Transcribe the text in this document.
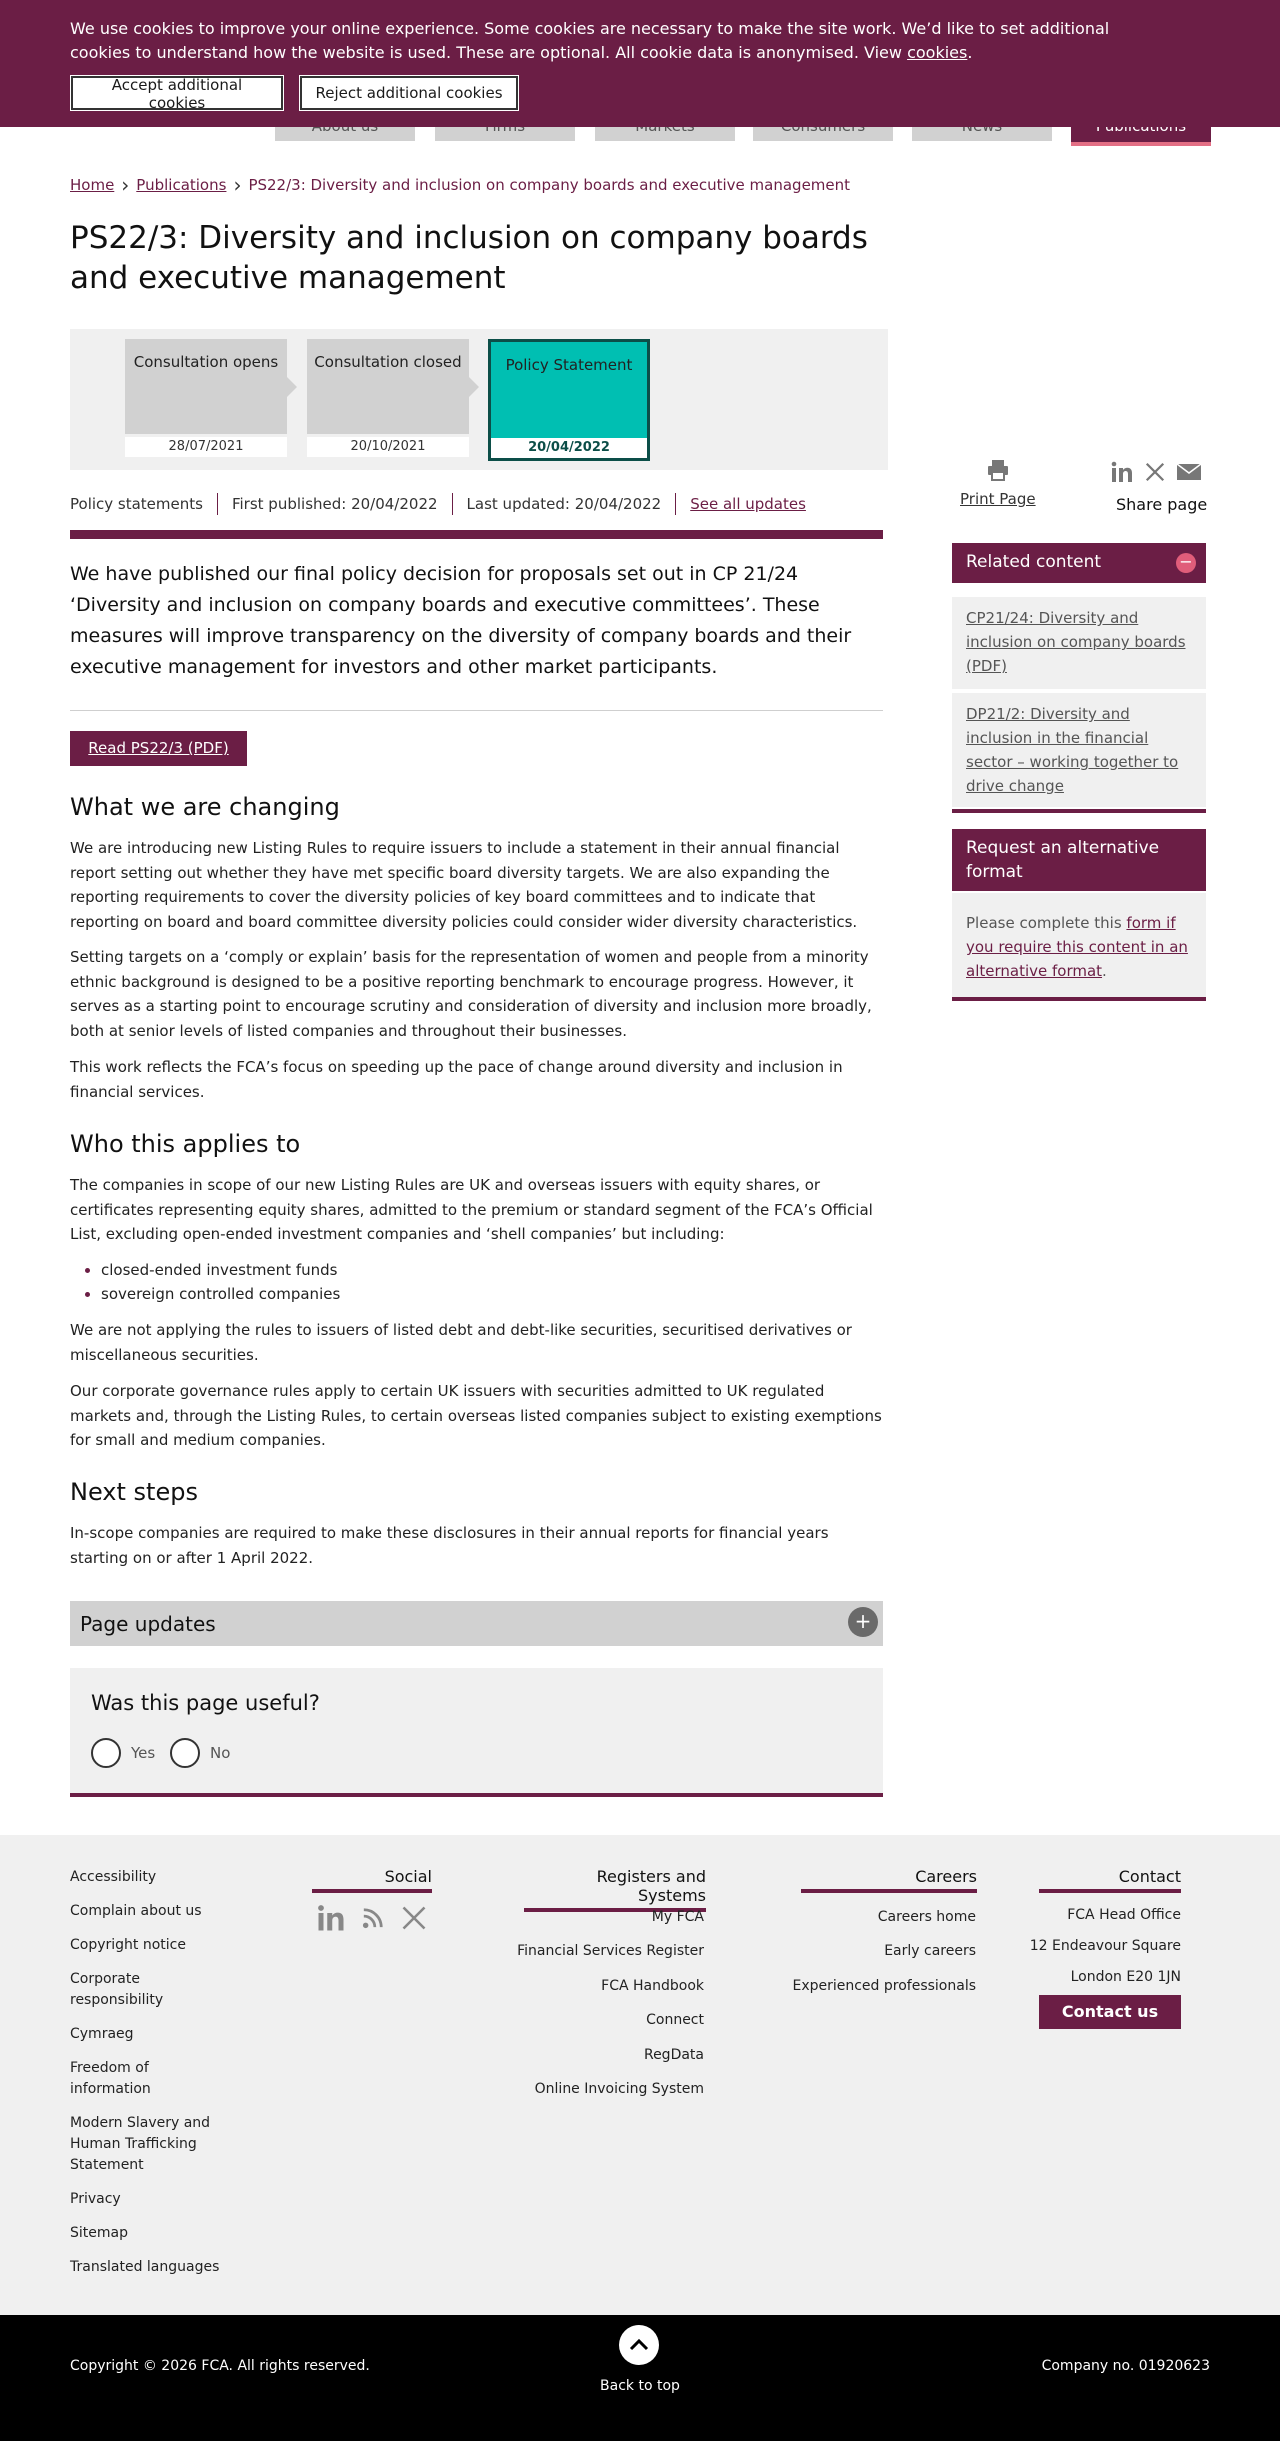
We use cookies to improve your online experience. Some cookies are necessary to make the site work. We’d like to set additional cookies to understand how the website is used. These are optional. All cookie data is anonymised. View cookies.
Accept additional cookies
Reject additional cookies
Home › Publications › PS22/3: Diversity and inclusion on company boards and executive management
PS22/3: Diversity and inclusion on company boards and executive management
Consultation opens
28/07/2021
Consultation closed
20/10/2021
Policy Statement
20/04/2022
Policy statements First published: 20/04/2022 Last updated: 20/04/2022 See all updates

We have published our final policy decision for proposals set out in CP 21/24 ‘Diversity and inclusion on company boards and executive committees’. These measures will improve transparency on the diversity of company boards and their executive management for investors and other market participants.

Read PS22/3 (PDF)
What we are changing

We are introducing new Listing Rules to require issuers to include a statement in their annual financial report setting out whether they have met specific board diversity targets. We are also expanding the reporting requirements to cover the diversity policies of key board committees and to indicate that reporting on board and board committee diversity policies could consider wider diversity characteristics.

Setting targets on a ‘comply or explain’ basis for the representation of women and people from a minority ethnic background is designed to be a positive reporting benchmark to encourage progress. However, it serves as a starting point to encourage scrutiny and consideration of diversity and inclusion more broadly, both at senior levels of listed companies and throughout their businesses.

This work reflects the FCA’s focus on speeding up the pace of change around diversity and inclusion in financial services.

Who this applies to

The companies in scope of our new Listing Rules are UK and overseas issuers with equity shares, or certificates representing equity shares, admitted to the premium or standard segment of the FCA’s Official List, excluding open-ended investment companies and ‘shell companies’ but including:

closed-ended investment funds
sovereign controlled companies

We are not applying the rules to issuers of listed debt and debt-like securities, securitised derivatives or miscellaneous securities.

Our corporate governance rules apply to certain UK issuers with securities admitted to UK regulated markets and, through the Listing Rules, to certain overseas listed companies subject to existing exemptions for small and medium companies.

Next steps

In-scope companies are required to make these disclosures in their annual reports for financial years starting on or after 1 April 2022.

Page updates	+
Was this page useful?
Yes	No
Print Page	Share page
Related content	−
CP21/24: Diversity and inclusion on company boards (PDF)
DP21/2: Diversity and inclusion in the financial sector – working together to drive change
Request an alternative format
Please complete this form if you require this content in an alternative format.
Accessibility
Complain about us
Copyright notice
Corporate responsibility
Cymraeg
Freedom of information
Modern Slavery and Human Trafficking Statement
Privacy
Sitemap
Translated languages
Social	Registers and Systems
My FCA
Financial Services Register
FCA Handbook
Connect
RegData
Online Invoicing System
Careers
Careers home
Early careers
Experienced professionals
Contact
FCA Head Office
12 Endeavour Square
London E20 1JN
Contact us
Copyright © 2026 FCA. All rights reserved.
Back to top
Company no. 01920623
